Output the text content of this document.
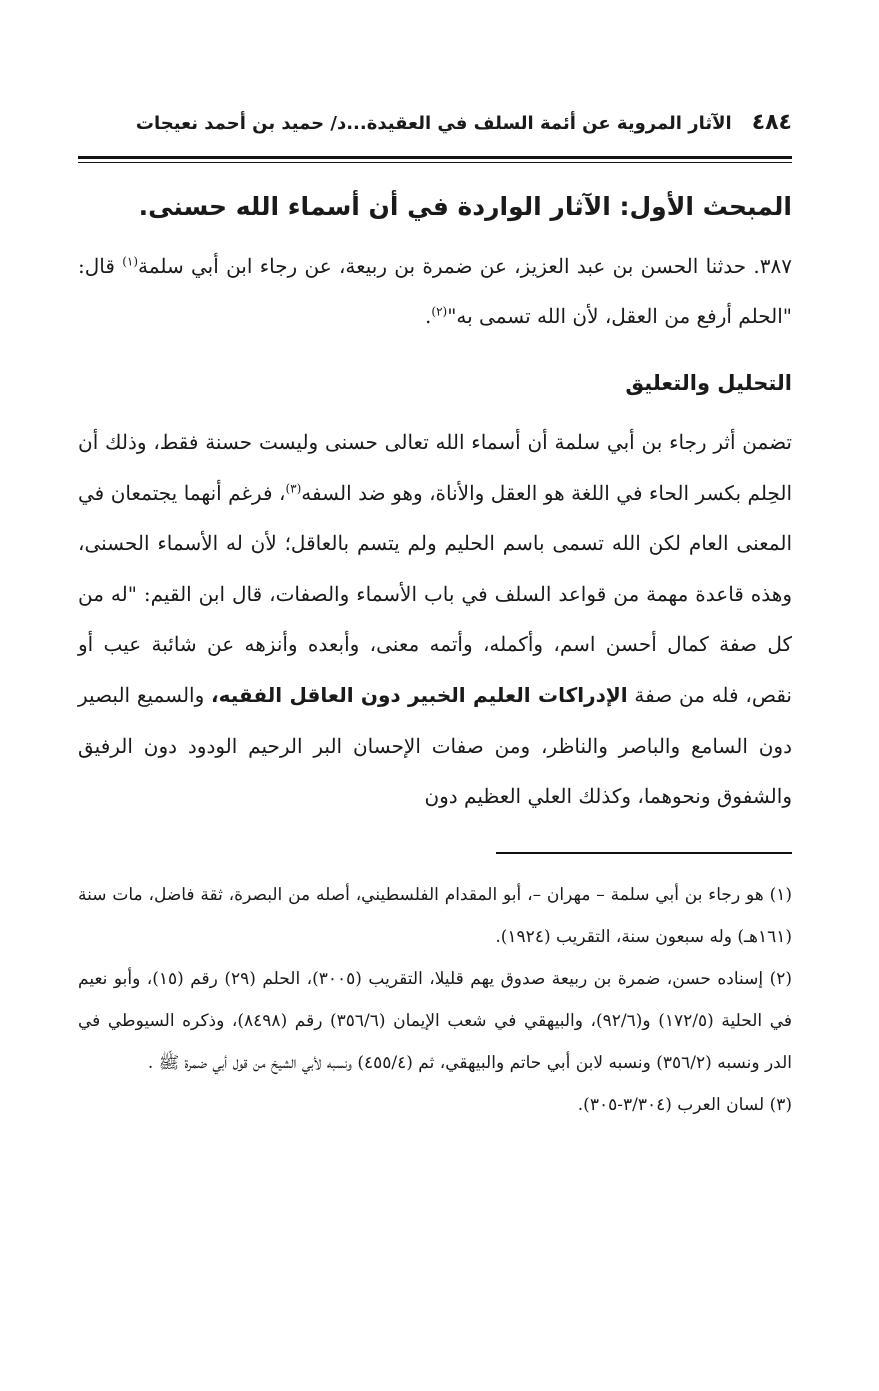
٤٨٤
الآثار المروية عن أئمة السلف في العقيدة...د/ حميد بن أحمد نعيجات
المبحث الأول: الآثار الواردة في أن أسماء الله حسنى.

٣٨٧. حدثنا الحسن بن عبد العزيز، عن ضمرة بن ربيعة، عن رجاء ابن أبي سلمة$^{(١)}$ قال: "الحلم أرفع من العقل، لأن الله تسمى به"$^{(٢)}$.

التحليل والتعليق

تضمن أثر رجاء بن أبي سلمة أن أسماء الله تعالى حسنى وليست حسنة فقط، وذلك أن الحِلم بكسر الحاء في اللغة هو العقل والأناة، وهو ضد السفه$^{(٣)}$، فرغم أنهما يجتمعان في المعنى العام لكن الله تسمى باسم الحليم ولم يتسم بالعاقل؛ لأن له الأسماء الحسنى، وهذه قاعدة مهمة من قواعد السلف في باب الأسماء والصفات، قال ابن القيم: "له من كل صفة كمال أحسن اسم، وأكمله، وأتمه معنى، وأبعده وأنزهه عن شائبة عيب أو نقص، فله من صفة الإدراكات العليم الخبير دون العاقل الفقيه، والسميع البصير دون السامع والباصر والناظر، ومن صفات الإحسان البر الرحيم الودود دون الرفيق والشفوق ونحوهما، وكذلك العلي العظيم دون

(١) هو رجاء بن أبي سلمة – مهران –، أبو المقدام الفلسطيني، أصله من البصرة، ثقة فاضل، مات سنة (١٦١هـ) وله سبعون سنة، التقريب (١٩٢٤).

(٢) إسناده حسن، ضمرة بن ربيعة صدوق يهم قليلا، التقريب (٣٠٠٥)، الحلم (٢٩) رقم (١٥)، وأبو نعيم في الحلية (١٧٢/٥) و(٩٢/٦)، والبيهقي في شعب الإيمان (٣٥٦/٦) رقم (٨٤٩٨)، وذكره السيوطي في الدر ونسبه (٣٥٦/٢) ونسبه لابن أبي حاتم والبيهقي، ثم (٤٥٥/٤) ونسبه لأبي الشيخ من قول أبي ضمرة ﷺ .

(٣) لسان العرب (٣/٣٠٤-٣٠٥).
